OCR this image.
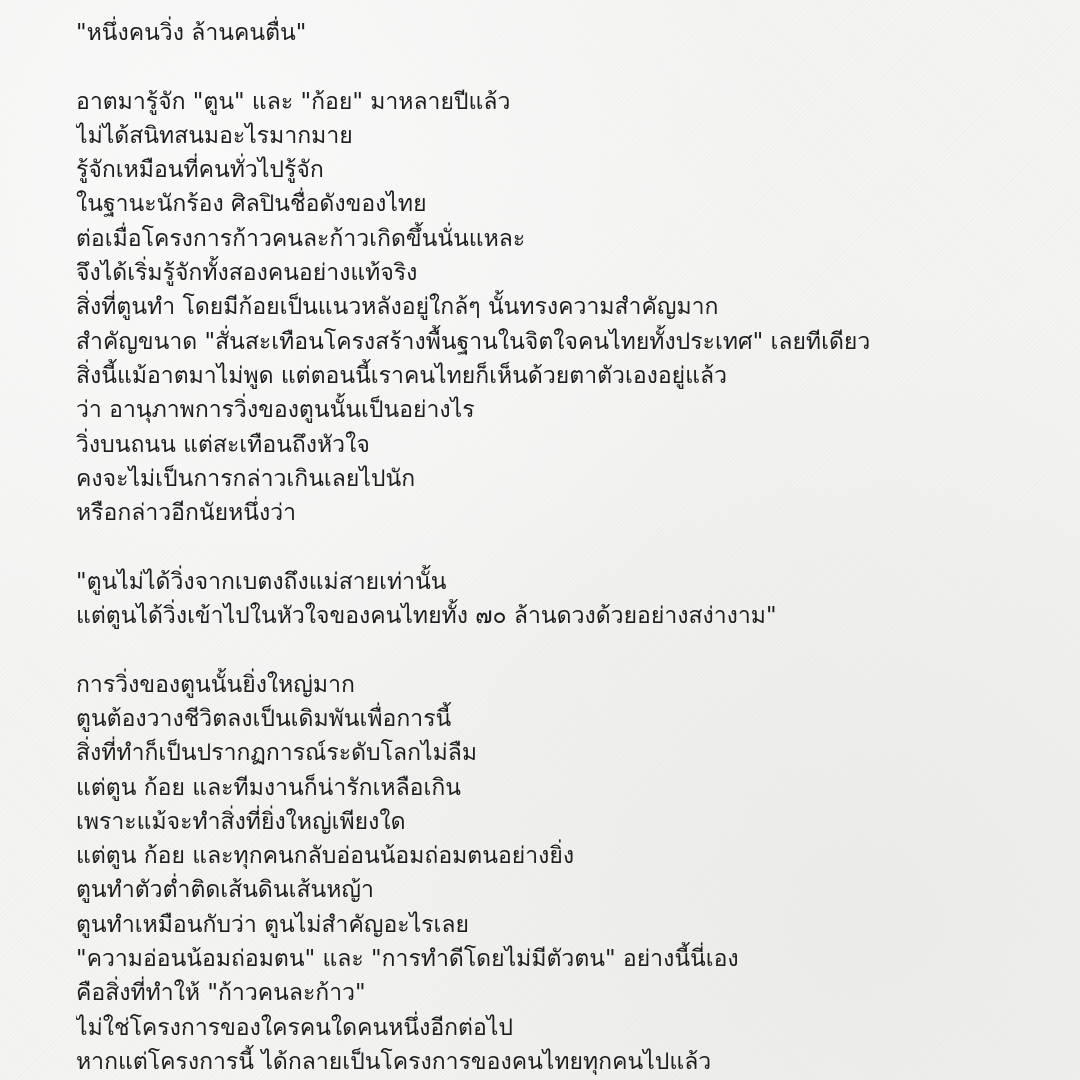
"หนึ่งคนวิ่ง ล้านคนตื่น"
อาตมารู้จัก "ตูน" และ "ก้อย" มาหลายปีแล้ว
ไม่ได้สนิทสนมอะไรมากมาย
รู้จักเหมือนที่คนทั่วไปรู้จัก
ในฐานะนักร้อง ศิลปินชื่อดังของไทย
ต่อเมื่อโครงการก้าวคนละก้าวเกิดขึ้นนั่นแหละ
จึงได้เริ่มรู้จักทั้งสองคนอย่างแท้จริง
สิ่งที่ตูนทำ โดยมีก้อยเป็นแนวหลังอยู่ใกล้ๆ นั้นทรงความสำคัญมาก
สำคัญขนาด "สั่นสะเทือนโครงสร้างพื้นฐานในจิตใจคนไทยทั้งประเทศ" เลยทีเดียว
สิ่งนี้แม้อาตมาไม่พูด แต่ตอนนี้เราคนไทยก็เห็นด้วยตาตัวเองอยู่แล้ว
ว่า อานุภาพการวิ่งของตูนนั้นเป็นอย่างไร
วิ่งบนถนน แต่สะเทือนถึงหัวใจ
คงจะไม่เป็นการกล่าวเกินเลยไปนัก
หรือกล่าวอีกนัยหนึ่งว่า
"ตูนไม่ได้วิ่งจากเบตงถึงแม่สายเท่านั้น
แต่ตูนได้วิ่งเข้าไปในหัวใจของคนไทยทั้ง ๗๐ ล้านดวงด้วยอย่างสง่างาม"
การวิ่งของตูนนั้นยิ่งใหญ่มาก
ตูนต้องวางชีวิตลงเป็นเดิมพันเพื่อการนี้
สิ่งที่ทำก็เป็นปรากฏการณ์ระดับโลกไม่ลืม
แต่ตูน ก้อย และทีมงานก็น่ารักเหลือเกิน
เพราะแม้จะทำสิ่งที่ยิ่งใหญ่เพียงใด
แต่ตูน ก้อย และทุกคนกลับอ่อนน้อมถ่อมตนอย่างยิ่ง
ตูนทำตัวต่ำติดเส้นดินเส้นหญ้า
ตูนทำเหมือนกับว่า ตูนไม่สำคัญอะไรเลย
"ความอ่อนน้อมถ่อมตน" และ "การทำดีโดยไม่มีตัวตน" อย่างนี้นี่เอง
คือสิ่งที่ทำให้ "ก้าวคนละก้าว"
ไม่ใช่โครงการของใครคนใดคนหนึ่งอีกต่อไป
หากแต่โครงการนี้ ได้กลายเป็นโครงการของคนไทยทุกคนไปแล้ว
